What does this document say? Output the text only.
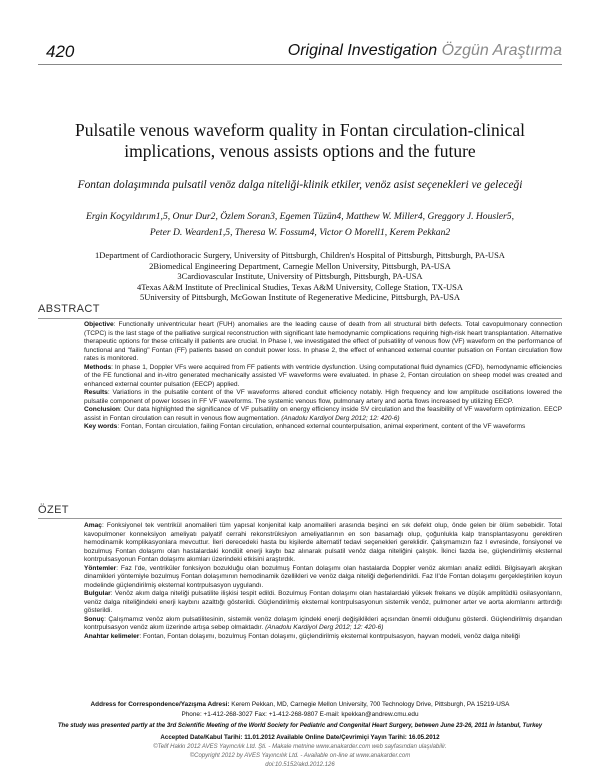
420	Original Investigation Özgün Araştırma
Pulsatile venous waveform quality in Fontan circulation-clinical
implications, venous assists options and the future
Fontan dolaşımında pulsatil venöz dalga niteliği-klinik etkiler, venöz asist seçenekleri ve geleceği
Ergin Koçyıldırım1,5, Onur Dur2, Özlem Soran3, Egemen Tüzün4, Matthew W. Miller4, Greggory J. Housler5,
Peter D. Wearden1,5, Theresa W. Fossum4, Victor O Morell1, Kerem Pekkan2
1Department of Cardiothoracic Surgery, University of Pittsburgh, Children's Hospital of Pittsburgh, Pittsburgh, PA-USA
2Biomedical Engineering Department, Carnegie Mellon University, Pittsburgh, PA-USA
3Cardiovascular Institute, University of Pittsburgh, Pittsburgh, PA-USA
4Texas A&M Institute of Preclinical Studies, Texas A&M University, College Station, TX-USA
5University of Pittsburgh, McGowan Institute of Regenerative Medicine, Pittsburgh, PA-USA
ABSTRACT

Objective: Functionally univentricular heart (FUH) anomalies are the leading cause of death from all structural birth defects. Total cavopulmonary connection (TCPC) is the last stage of the palliative surgical reconstruction with significant late hemodynamic complications requiring high-risk heart transplantation. Alternative therapeutic options for these critically ill patients are crucial. In Phase I, we investigated the effect of pulsatility of venous flow (VF) waveform on the performance of functional and "failing" Fontan (FF) patients based on conduit power loss. In phase 2, the effect of enhanced external counter pulsation on Fontan circulation flow rates is monitored.

Methods: In phase 1, Doppler VFs were acquired from FF patients with ventricle dysfunction. Using computational fluid dynamics (CFD), hemodynamic efficiencies of the FE functional and in-vitro generated mechanically assisted VF waveforms were evaluated. In phase 2, Fontan circulation on sheep model was created and enhanced external counter pulsation (EECP) applied.

Results: Variations in the pulsatile content of the VF waveforms altered conduit efficiency notably. High frequency and low amplitude oscillations lowered the pulsatile component of power losses in FF VF waveforms. The systemic venous flow, pulmonary artery and aorta flows increased by utilizing EECP.

Conclusion: Our data highlighted the significance of VF pulsatility on energy efficiency inside SV circulation and the feasibility of VF waveform optimization. EECP assist in Fontan circulation can result in venous flow augmentation. (Anadolu Kardiyol Derg 2012; 12: 420-6)

Key words: Fontan, Fontan circulation, failing Fontan circulation, enhanced external counterpulsation, animal experiment, content of the VF waveforms

ÖZET

Amaç: Fonksiyonel tek ventrikül anomalileri tüm yapısal konjenital kalp anomalileri arasında beşinci en sık defekt olup, önde gelen bir ölüm sebebidir. Total kavopulmoner konneksiyon ameliyatı palyatif cerrahi rekonstrüksiyon ameliyatlarının en son basamağı olup, çoğunlukla kalp transplantasyonu gerektiren hemodinamik komplikasyonlara mevcuttur. İleri derecedeki hasta bu kişilerde alternatif tedavi seçenekleri gereklidir. Çalışmamızın faz I evresinde, fonsiyonel ve bozulmuş Fontan dolaşımı olan hastalardaki kondüit enerji kaybı baz alınarak pulsatil venöz dalga niteliğini çalıştık. İkinci fazda ise, güçlendirilmiş eksternal kontrpulsasyonun Fontan dolaşımı akımları üzerindeki etkisini araştırdık.

Yöntemler: Faz I'de, ventriküler fonksiyon bozukluğu olan bozulmuş Fontan dolaşımı olan hastalarda Doppler venöz akımları analiz edildi. Bilgisayarlı akışkan dinamikleri yöntemiyle bozulmuş Fontan dolaşımının hemodinamik özellikleri ve venöz dalga niteliği değerlendirildi. Faz II'de Fontan dolaşımı gerçekleştirilen koyun modelinde güçlendirilmiş eksternal kontrpulsasyon uygulandı.

Bulgular: Venöz akım dalga niteliği pulsatilite ilişkisi tespit edildi. Bozulmuş Fontan dolaşımı olan hastalardaki yüksek frekans ve düşük amplitüdlü osilasyonların, venöz dalga niteliğindeki enerji kaybını azalttığı gösterildi. Güçlendirilmiş eksternal kontrpulsasyonun sistemik venöz, pulmoner arter ve aorta akımlarını arttırdığı gösterildi.

Sonuç: Çalışmamız venöz akım pulsatilitesinin, sistemik venöz dolaşım içindeki enerji değişiklikleri açısından önemli olduğunu gösterdi. Güçlendirilmiş dışarıdan kontrpulsasyon venöz akım üzerinde artışa sebep olmaktadır. (Anadolu Kardiyol Derg 2012; 12: 420-6)

Anahtar kelimeler: Fontan, Fontan dolaşımı, bozulmuş Fontan dolaşımı, güçlendirilmiş eksternal kontrpulsasyon, hayvan modeli, venöz dalga niteliği

Address for Correspondence/Yazışma Adresi: Kerem Pekkan, MD, Carnegie Mellon University, 700 Technology Drive, Pittsburgh, PA 15219-USA
Phone: +1-412-268-3027 Fax: +1-412-268-9807 E-mail: kpekkan@andrew.cmu.edu
The study was presented partly at the 3rd Scientific Meeting of the World Society for Pediatric and Congenital Heart Surgery, between June 23-26, 2011 in İstanbul, Turkey
Accepted Date/Kabul Tarihi: 11.01.2012 Available Online Date/Çevrimiçi Yayın Tarihi: 16.05.2012
©Telif Hakkı 2012 AVES Yayıncılık Ltd. Şti. - Makale metnine www.anakarder.com web sayfasından ulaşılabilir.
©Copyright 2012 by AVES Yayıncılık Ltd. - Available on-line at www.anakarder.com
doi:10.5152/akd.2012.126
